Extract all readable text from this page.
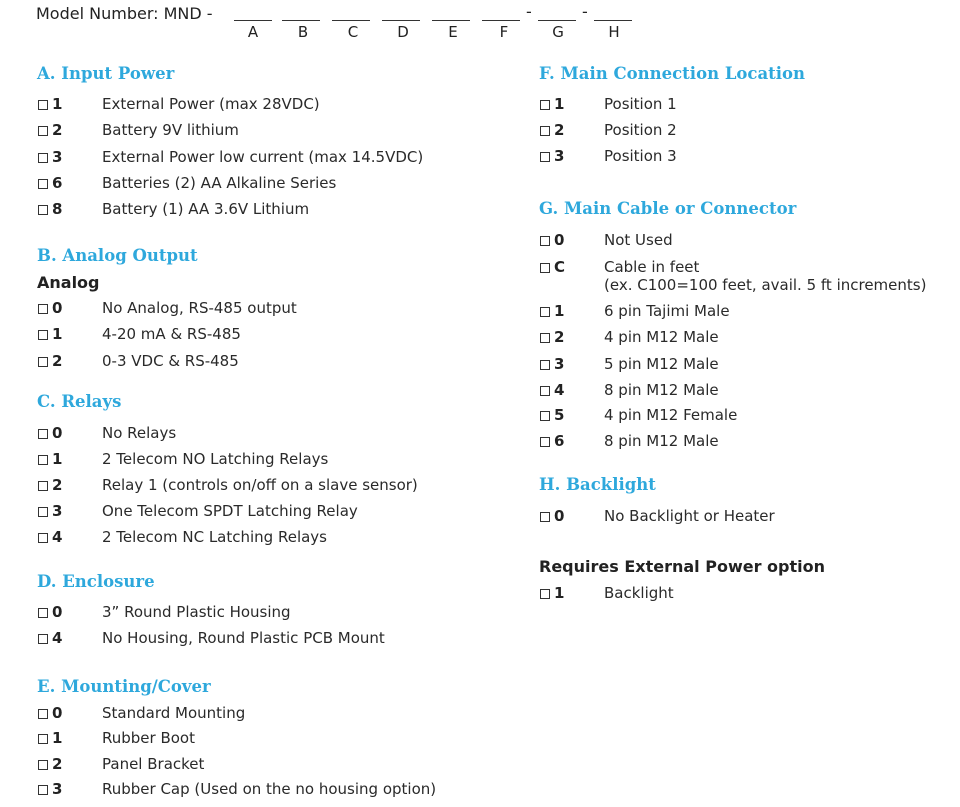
Model Number: MND -	-	-
A	B	C	D	E	F	G	H
A. Input Power
1	External Power (max 28VDC)
2	Battery 9V lithium
3	External Power low current (max 14.5VDC)
6	Batteries (2) AA Alkaline Series
8	Battery (1) AA 3.6V Lithium
B. Analog Output
Analog
0	No Analog, RS-485 output
1	4-20 mA & RS-485
2	0-3 VDC & RS-485
C. Relays
0	No Relays
1	2 Telecom NO Latching Relays
2	Relay 1 (controls on/off on a slave sensor)
3	One Telecom SPDT Latching Relay
4	2 Telecom NC Latching Relays
D. Enclosure
0	3” Round Plastic Housing
4	No Housing, Round Plastic PCB Mount
E. Mounting/Cover
0	Standard Mounting
1	Rubber Boot
2	Panel Bracket
3	Rubber Cap (Used on the no housing option)
F. Main Connection Location
1	Position 1
2	Position 2
3	Position 3
G. Main Cable or Connector
0	Not Used
C	Cable in feet
(ex. C100=100 feet, avail. 5 ft increments)
1	6 pin Tajimi Male
2	4 pin M12 Male
3	5 pin M12 Male
4	8 pin M12 Male
5	4 pin M12 Female
6	8 pin M12 Male
H. Backlight
0	No Backlight or Heater
Requires External Power option
1	Backlight
